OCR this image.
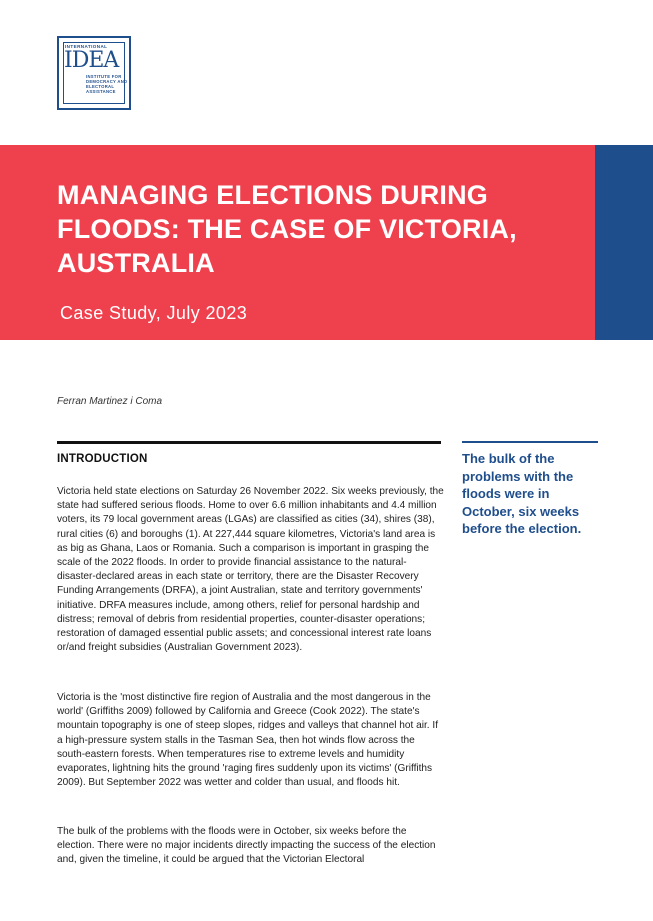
INTERNATIONAL
IDEA
INSTITUTE FOR
DEMOCRACY AND
ELECTORAL
ASSISTANCE
MANAGING ELECTIONS DURING FLOODS: THE CASE OF VICTORIA, AUSTRALIA

Case Study, July 2023

Ferran Martinez i Coma

INTRODUCTION	The bulk of the problems with the floods were in October, six weeks before the election.

Victoria held state elections on Saturday 26 November 2022. Six weeks previously, the state had suffered serious floods. Home to over 6.6 million inhabitants and 4.4 million voters, its 79 local government areas (LGAs) are classified as cities (34), shires (38), rural cities (6) and boroughs (1). At 227,444 square kilometres, Victoria's land area is as big as Ghana, Laos or Romania. Such a comparison is important in grasping the scale of the 2022 floods. In order to provide financial assistance to the natural-disaster-declared areas in each state or territory, there are the Disaster Recovery Funding Arrangements (DRFA), a joint Australian, state and territory governments' initiative. DRFA measures include, among others, relief for personal hardship and distress; removal of debris from residential properties, counter-disaster operations; restoration of damaged essential public assets; and concessional interest rate loans or/and freight subsidies (Australian Government 2023).

Victoria is the 'most distinctive fire region of Australia and the most dangerous in the world' (Griffiths 2009) followed by California and Greece (Cook 2022). The state's mountain topography is one of steep slopes, ridges and valleys that channel hot air. If a high-pressure system stalls in the Tasman Sea, then hot winds flow across the south-eastern forests. When temperatures rise to extreme levels and humidity evaporates, lightning hits the ground 'raging fires suddenly upon its victims' (Griffiths 2009). But September 2022 was wetter and colder than usual, and floods hit.

The bulk of the problems with the floods were in October, six weeks before the election. There were no major incidents directly impacting the success of the election and, given the timeline, it could be argued that the Victorian Electoral
